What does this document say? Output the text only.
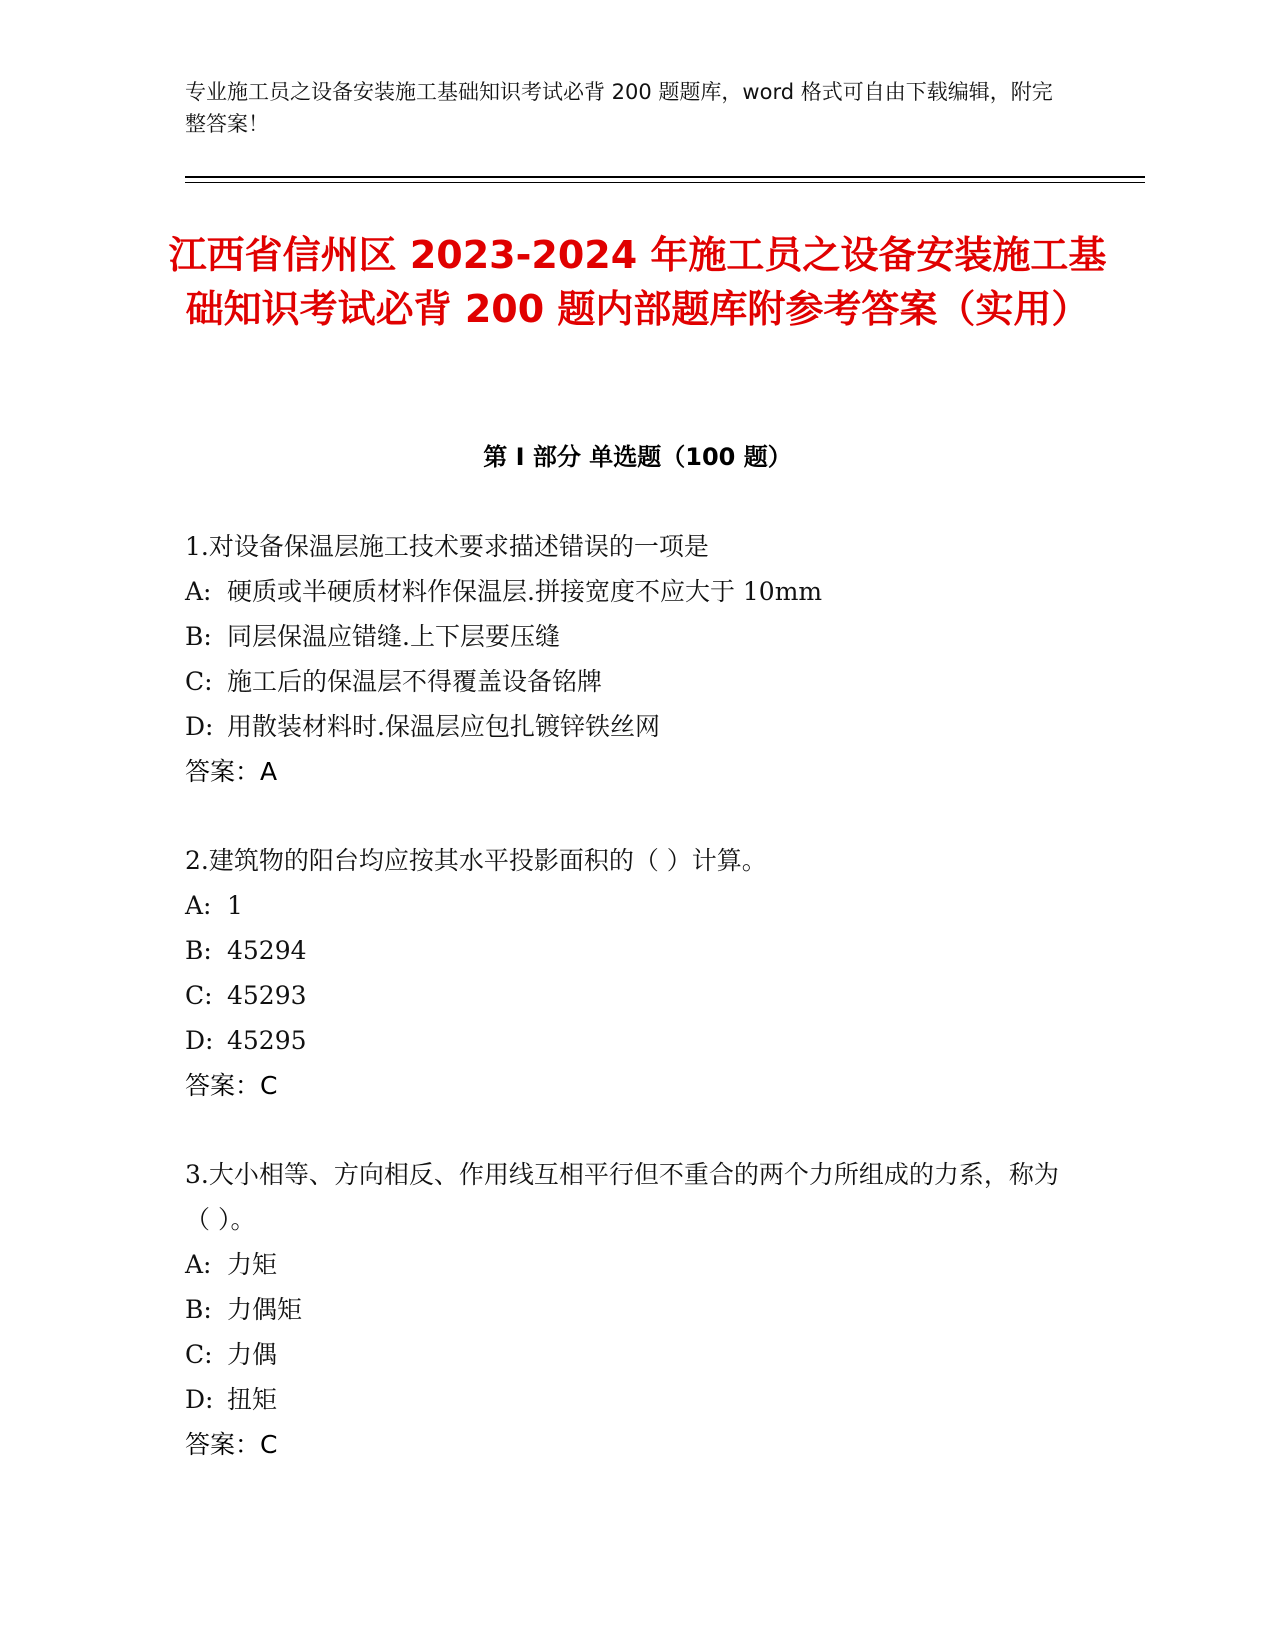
专业施工员之设备安装施工基础知识考试必背 200 题题库，word 格式可自由下载编辑，附完整答案！
江西省信州区 2023-2024 年施工员之设备安装施工基础知识考试必背 200 题内部题库附参考答案（实用）
第 I 部分 单选题（100 题）
1.对设备保温层施工技术要求描述错误的一项是
A: 硬质或半硬质材料作保温层.拼接宽度不应大于 10mm
B: 同层保温应错缝.上下层要压缝
C: 施工后的保温层不得覆盖设备铭牌
D: 用散装材料时.保温层应包扎镀锌铁丝网
答案：A
2.建筑物的阳台均应按其水平投影面积的（ ）计算。
A: 1
B: 45294
C: 45293
D: 45295
答案：C
3.大小相等、方向相反、作用线互相平行但不重合的两个力所组成的力系，称为（ ）。
A: 力矩
B: 力偶矩
C: 力偶
D: 扭矩
答案：C
